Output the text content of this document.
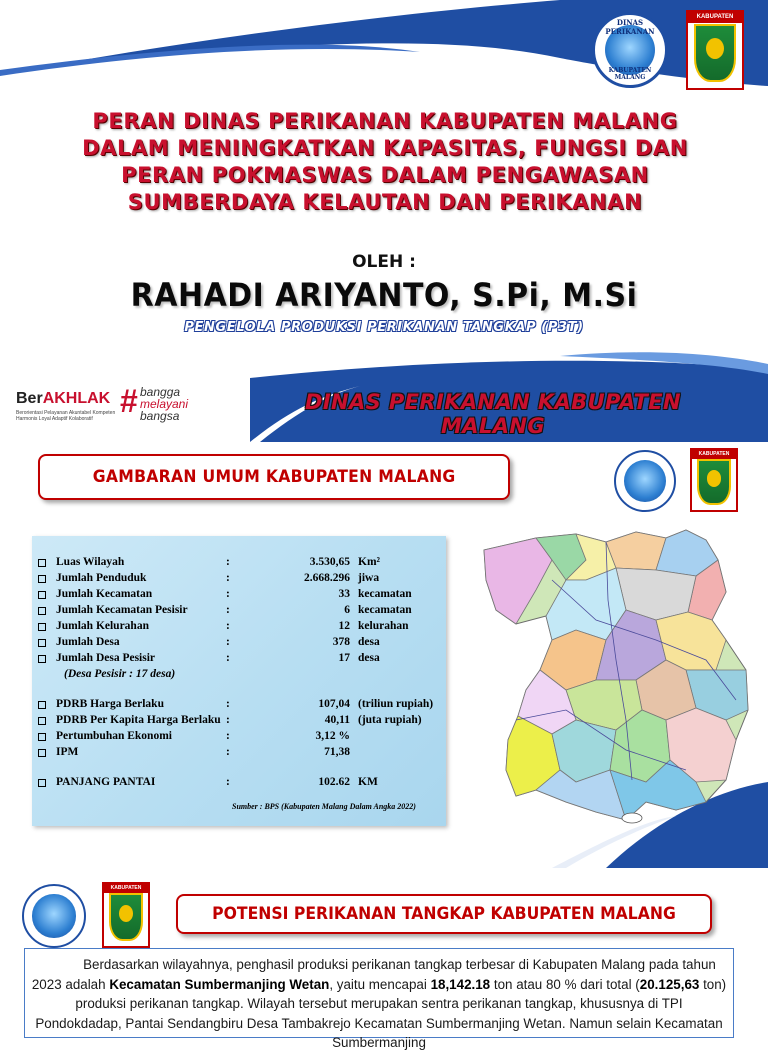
DINAS PERIKANAN
KABUPATEN MALANG
KABUPATEN
PERAN DINAS PERIKANAN KABUPATEN MALANG
DALAM MENINGKATKAN KAPASITAS, FUNGSI DAN
PERAN POKMASWAS DALAM PENGAWASAN
SUMBERDAYA KELAUTAN DAN PERIKANAN
OLEH :
RAHADI ARIYANTO, S.Pi, M.Si
PENGELOLA PRODUKSI PERIKANAN TANGKAP (P3T)
BerAKHLAK
Berorientasi Pelayanan Akuntabel Kompeten Harmonis Loyal Adaptif Kolaboratif # bangga
melayani
bangsa
DINAS PERIKANAN KABUPATEN MALANG
GAMBARAN UMUM KABUPATEN MALANG
KABUPATEN
Luas Wilayah	:	3.530,65 Km²
Jumlah Penduduk	:	2.668.296 jiwa
Jumlah Kecamatan	:	33 kecamatan
Jumlah Kecamatan Pesisir	:	6 kecamatan
Jumlah Kelurahan	:	12 kelurahan
Jumlah Desa	:	378 desa
Jumlah Desa Pesisir	:	17 desa
(Desa Pesisir : 17 desa)
PDRB Harga Berlaku	:	107,04 (triliun rupiah)
PDRB Per Kapita Harga Berlaku :	40,11 (juta rupiah)
Pertumbuhan Ekonomi	:	3,12 %
IPM	:	71,38
PANJANG PANTAI	:	102.62 KM
Sumber : BPS (Kabupaten Malang Dalam Angka 2022)
KABUPATEN
POTENSI PERIKANAN TANGKAP KABUPATEN MALANG

Berdasarkan wilayahnya, penghasil produksi perikanan tangkap terbesar di Kabupaten Malang pada tahun 2023 adalah Kecamatan Sumbermanjing Wetan, yaitu mencapai 18,142.18 ton atau 80 % dari total (20.125,63 ton) produksi perikanan tangkap. Wilayah tersebut merupakan sentra perikanan tangkap, khususnya di TPI Pondokdadap, Pantai Sendangbiru Desa Tambakrejo Kecamatan Sumbermanjing Wetan. Namun selain Kecamatan Sumbermanjing
